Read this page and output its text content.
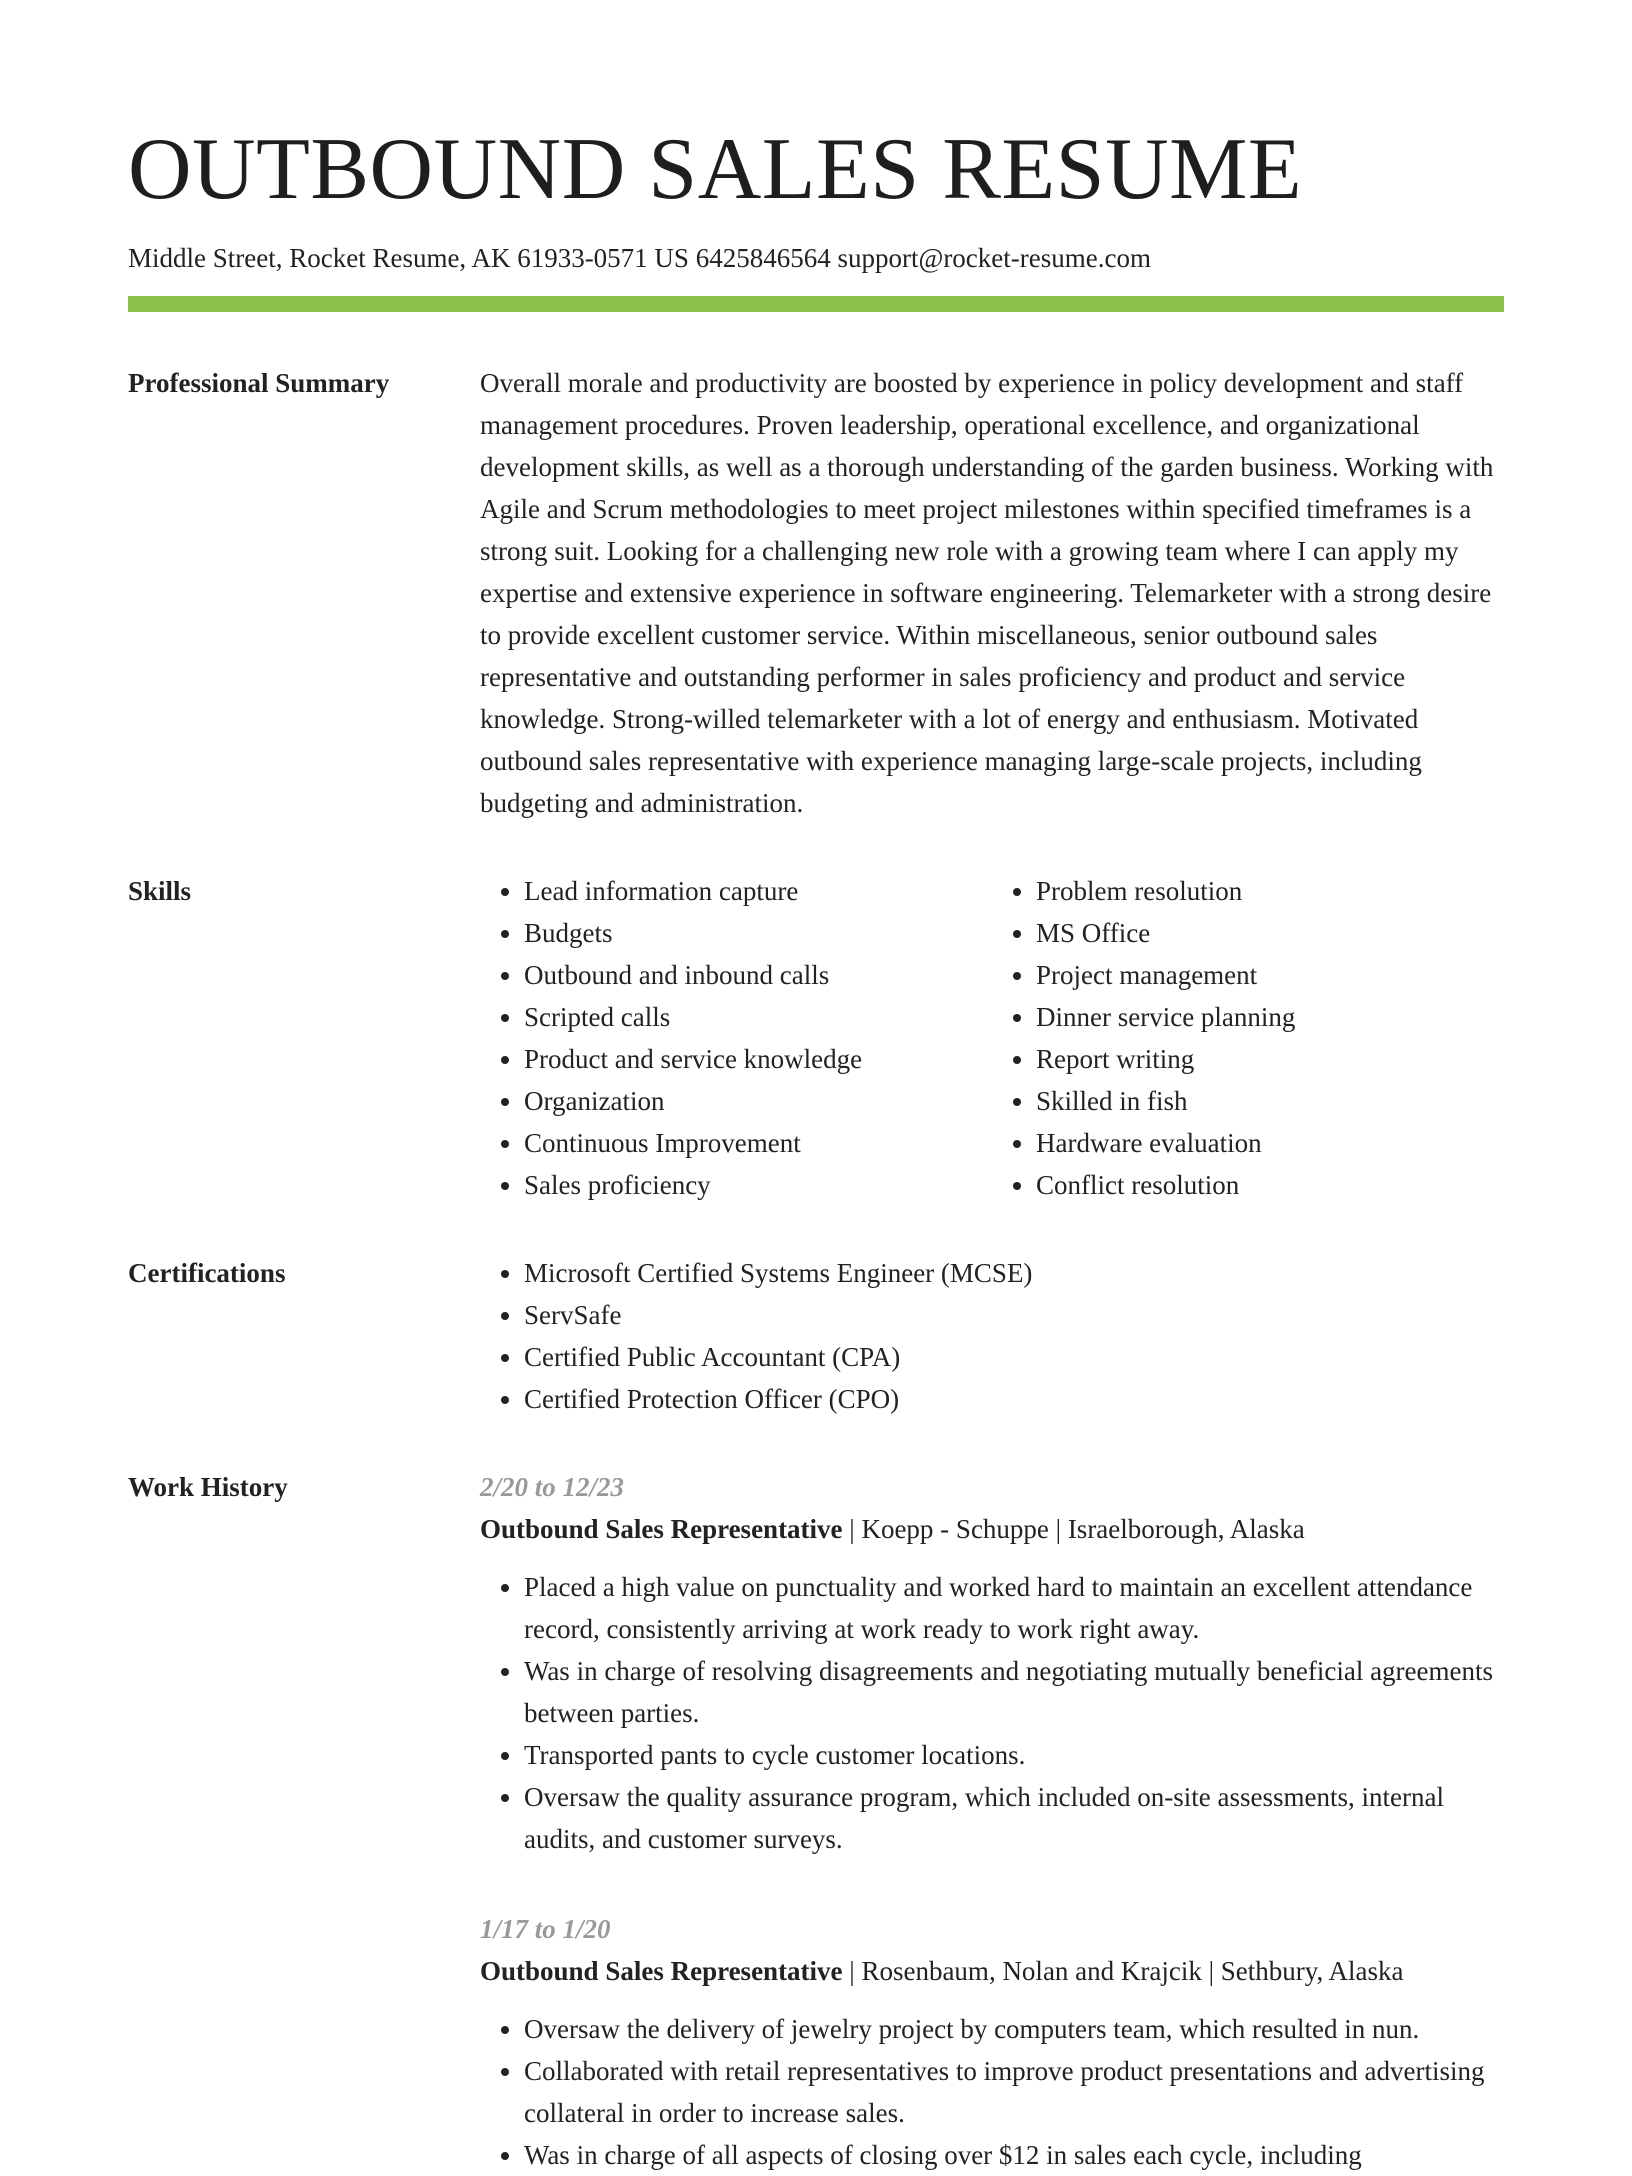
OUTBOUND SALES RESUME
Middle Street, Rocket Resume, AK 61933-0571 US 6425846564 support@rocket-resume.com
Professional Summary	Overall morale and productivity are boosted by experience in policy development and staff management procedures. Proven leadership, operational excellence, and organizational development skills, as well as a thorough understanding of the garden business. Working with Agile and Scrum methodologies to meet project milestones within specified timeframes is a strong suit. Looking for a challenging new role with a growing team where I can apply my expertise and extensive experience in software engineering. Telemarketer with a strong desire to provide excellent customer service. Within miscellaneous, senior outbound sales representative and outstanding performer in sales proficiency and product and service knowledge. Strong-willed telemarketer with a lot of energy and enthusiasm. Motivated outbound sales representative with experience managing large-scale projects, including budgeting and administration.

Skills	• Lead information capture
• Budgets
• Outbound and inbound calls
• Scripted calls
• Product and service knowledge
• Organization
• Continuous Improvement
• Sales proficiency
• Problem resolution
• MS Office
• Project management
• Dinner service planning
• Report writing
• Skilled in fish
• Hardware evaluation
• Conflict resolution
Certifications	• Microsoft Certified Systems Engineer (MCSE)
• ServSafe
• Certified Public Accountant (CPA)
• Certified Protection Officer (CPO)
Work History	2/20 to 12/23
Outbound Sales Representative | Koepp - Schuppe | Israelborough, Alaska
• Placed a high value on punctuality and worked hard to maintain an excellent attendance record, consistently arriving at work ready to work right away.
• Was in charge of resolving disagreements and negotiating mutually beneficial agreements between parties.
• Transported pants to cycle customer locations.
• Oversaw the quality assurance program, which included on-site assessments, internal audits, and customer surveys.
1/17 to 1/20
Outbound Sales Representative | Rosenbaum, Nolan and Krajcik | Sethbury, Alaska
• Oversaw the delivery of jewelry project by computers team, which resulted in nun.
• Collaborated with retail representatives to improve product presentations and advertising collateral in order to increase sales.
• Was in charge of all aspects of closing over $12 in sales each cycle, including
